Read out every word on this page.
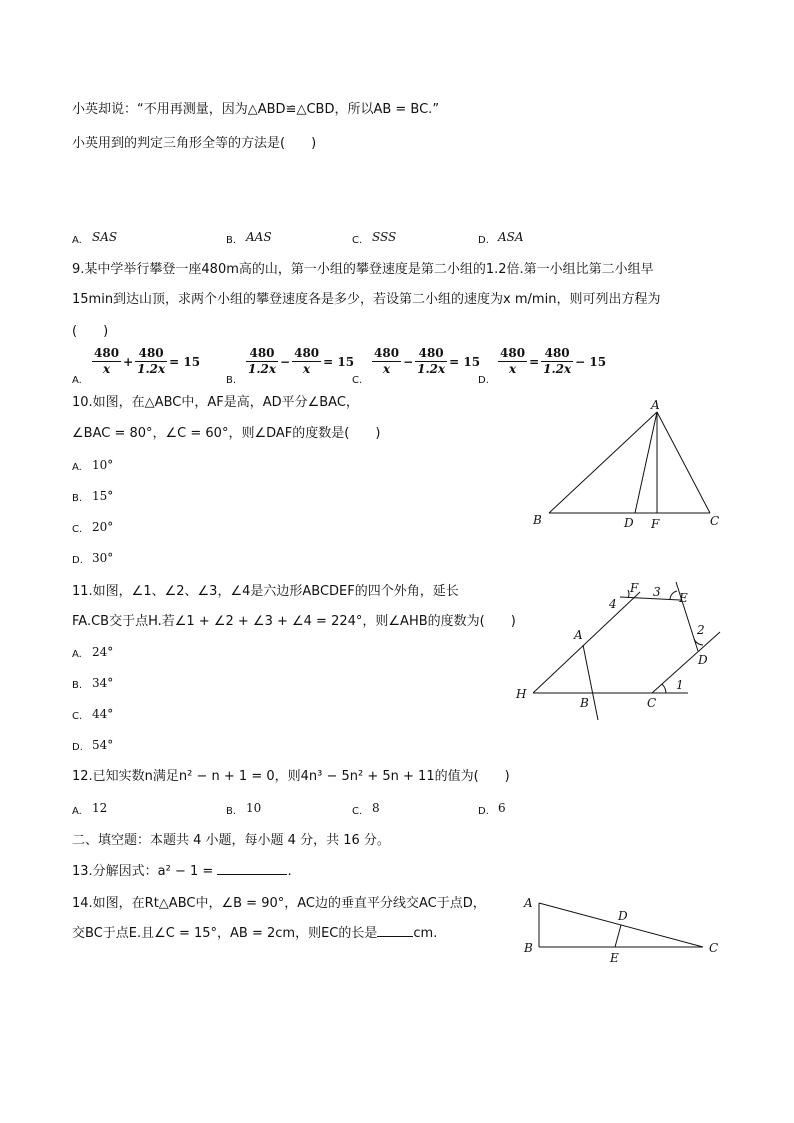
小英却说：“不用再测量，因为△ABD≌△CBD，所以AB = BC.”
小英用到的判定三角形全等的方法是(　　)
A. SAS	B. AAS	C. SSS	D. ASA
9.某中学举行攀登一座480m高的山，第一小组的攀登速度是第二小组的1.2倍.第一小组比第二小组早
15min到达山顶，求两个小组的攀登速度各是多少，若设第二小组的速度为x m/min，则可列出方程为
(　　)
A.
$\frac{480}{x} + \frac{480}{1.2x} = 15$
B.
$\frac{480}{1.2x} - \frac{480}{x} = 15$
C.
$\frac{480}{x} - \frac{480}{1.2x} = 15$
D.
$\frac{480}{x} = \frac{480}{1.2x} - 15$
10.如图，在△ABC中，AF是高，AD平分∠BAC，
∠BAC = 80°，∠C = 60°，则∠DAF的度数是(　　)
A. 10°
B. 15°
C. 20°
D. 30°
A
B	D F	C
11.如图，∠1、∠2、∠3，∠4是六边形ABCDEF的四个外角，延长
FA.CB交于点H.若∠1 + ∠2 + ∠3 + ∠4 = 224°，则∠AHB的度数为(　　)
A. 24°
B. 34°
C. 44°
D. 54°
F 3 E
4
A	2
D
1
H
B	C
12.已知实数n满足n² − n + 1 = 0，则4n³ − 5n² + 5n + 11的值为(　　)
A. 12	B. 10	C. 8	D. 6
二、填空题：本题共 4 小题，每小题 4 分，共 16 分。
13.分解因式：a² − 1 =	.
14.如图，在Rt△ABC中，∠B = 90°，AC边的垂直平分线交AC于点D，
交BC于点E.且∠C = 15°，AB = 2cm，则EC的长是	cm.
A
D
B
E
C
